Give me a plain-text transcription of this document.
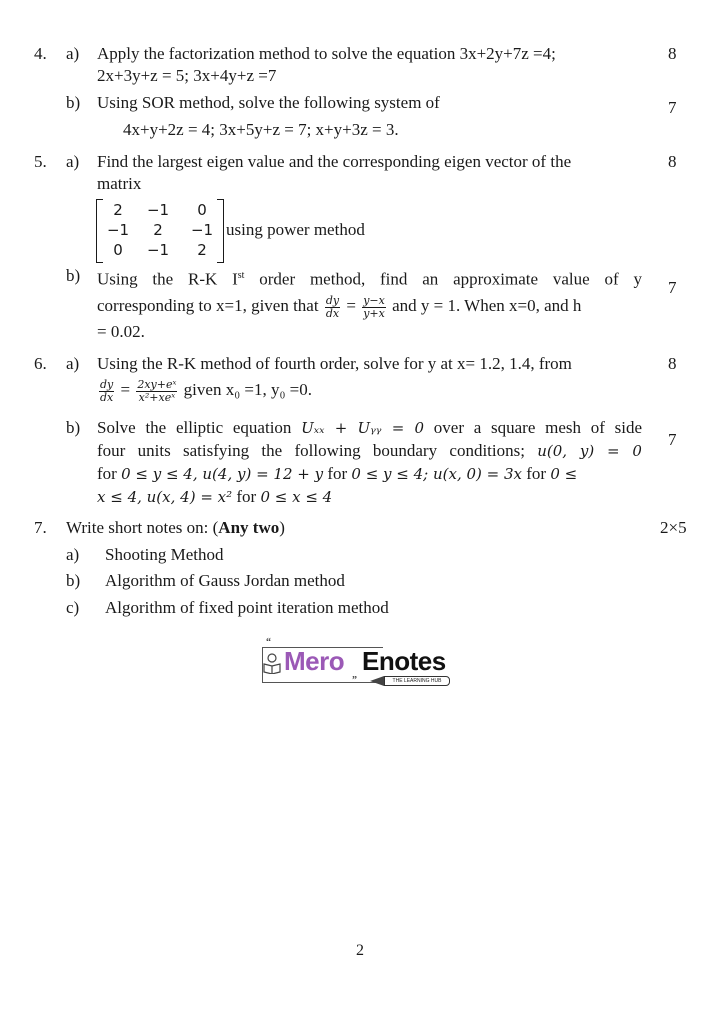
4. a) Apply the factorization method to solve the equation 3x+2y+7z =4;	8
2x+3y+z = 5; 3x+4y+z =7
b) Using SOR method, solve the following system of	7
4x+y+2z = 4; 3x+5y+z = 7; x+y+3z = 3.
5. a) Find the largest eigen value and the corresponding eigen vector of the	8
matrix
2	−1	0
−1	2	−1
0	−1	2
using power method
b) Using the R-K Ist order method, find an approximate value of y 7
corresponding to x=1, given that $\frac{dy}{dx} = \frac{y-x}{y+x}$ and y = 1. When x=0, and h
= 0.02.
6. a) Using the R-K method of fourth order, solve for y at x= 1.2, 1.4, from	8
$\frac{dy}{dx} = \frac{\text{2xy+eˣ}}{\text{x²+xeˣ}}$ given x₀ =1, y₀ =0.
b) Solve the elliptic equation Uₓₓ + Uᵧᵧ = 0 over a square mesh of side
7
four units satisfying the following boundary conditions; u(0, y) = 0
for 0 ≤ y ≤ 4, u(4, y) = 12 + y for 0 ≤ y ≤ 4; u(x, 0) = 3x for 0 ≤
x ≤ 4, u(x, 4) = x² for 0 ≤ x ≤ 4
7. Write short notes on: (Any two)	2×5
a) Shooting Method
b) Algorithm of Gauss Jordan method
c) Algorithm of fixed point iteration method
“
”
Mero Enotes
THE LEARNING HUB
2
